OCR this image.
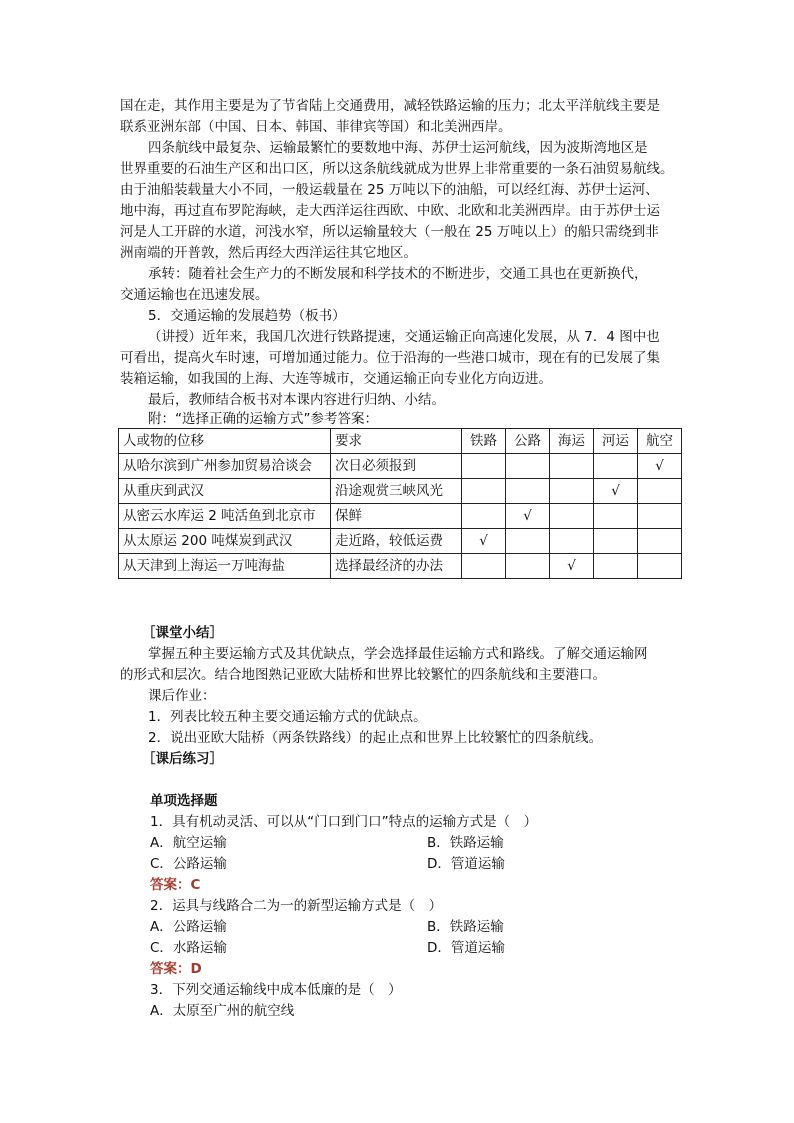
国在走，其作用主要是为了节省陆上交通费用，减轻铁路运输的压力；北太平洋航线主要是
联系亚洲东部（中国、日本、韩国、菲律宾等国）和北美洲西岸。
四条航线中最复杂、运输最繁忙的要数地中海、苏伊士运河航线，因为波斯湾地区是
世界重要的石油生产区和出口区，所以这条航线就成为世界上非常重要的一条石油贸易航线。
由于油船装载量大小不同，一般运载量在 25 万吨以下的油船，可以经红海、苏伊士运河、
地中海，再过直布罗陀海峡，走大西洋运往西欧、中欧、北欧和北美洲西岸。由于苏伊士运
河是人工开辟的水道，河浅水窄，所以运输量较大（一般在 25 万吨以上）的船只需绕到非
洲南端的开普敦，然后再经大西洋运往其它地区。
承转：随着社会生产力的不断发展和科学技术的不断进步，交通工具也在更新换代，
交通运输也在迅速发展。
5．交通运输的发展趋势（板书）
（讲授）近年来，我国几次进行铁路提速，交通运输正向高速化发展，从 7．4 图中也
可看出，提高火车时速，可增加通过能力。位于沿海的一些港口城市，现在有的已发展了集
装箱运输，如我国的上海、大连等城市，交通运输正向专业化方向迈进。
最后，教师结合板书对本课内容进行归纳、小结。
附：“选择正确的运输方式”参考答案：
人或物的位移	要求	铁路	公路	海运	河运	航空
从哈尔滨到广州参加贸易洽谈会	次日必须报到					√
从重庆到武汉	沿途观赏三峡风光				√	
从密云水库运 2 吨活鱼到北京市	保鲜		√			
从太原运 200 吨煤炭到武汉	走近路，较低运费	√				
从天津到上海运一万吨海盐	选择最经济的办法			√		
［课堂小结］
掌握五种主要运输方式及其优缺点，学会选择最佳运输方式和路线。了解交通运输网
的形式和层次。结合地图熟记亚欧大陆桥和世界比较繁忙的四条航线和主要港口。
课后作业：
1．列表比较五种主要交通运输方式的优缺点。
2．说出亚欧大陆桥（两条铁路线）的起止点和世界上比较繁忙的四条航线。
［课后练习］
单项选择题
1．具有机动灵活、可以从“门口到门口”特点的运输方式是（　）
A．航空运输	B．铁路运输
C．公路运输	D．管道运输
答案：C
2．运具与线路合二为一的新型运输方式是（　）
A．公路运输	B．铁路运输
C．水路运输	D．管道运输
答案：D
3．下列交通运输线中成本低廉的是（　）
A．太原至广州的航空线
